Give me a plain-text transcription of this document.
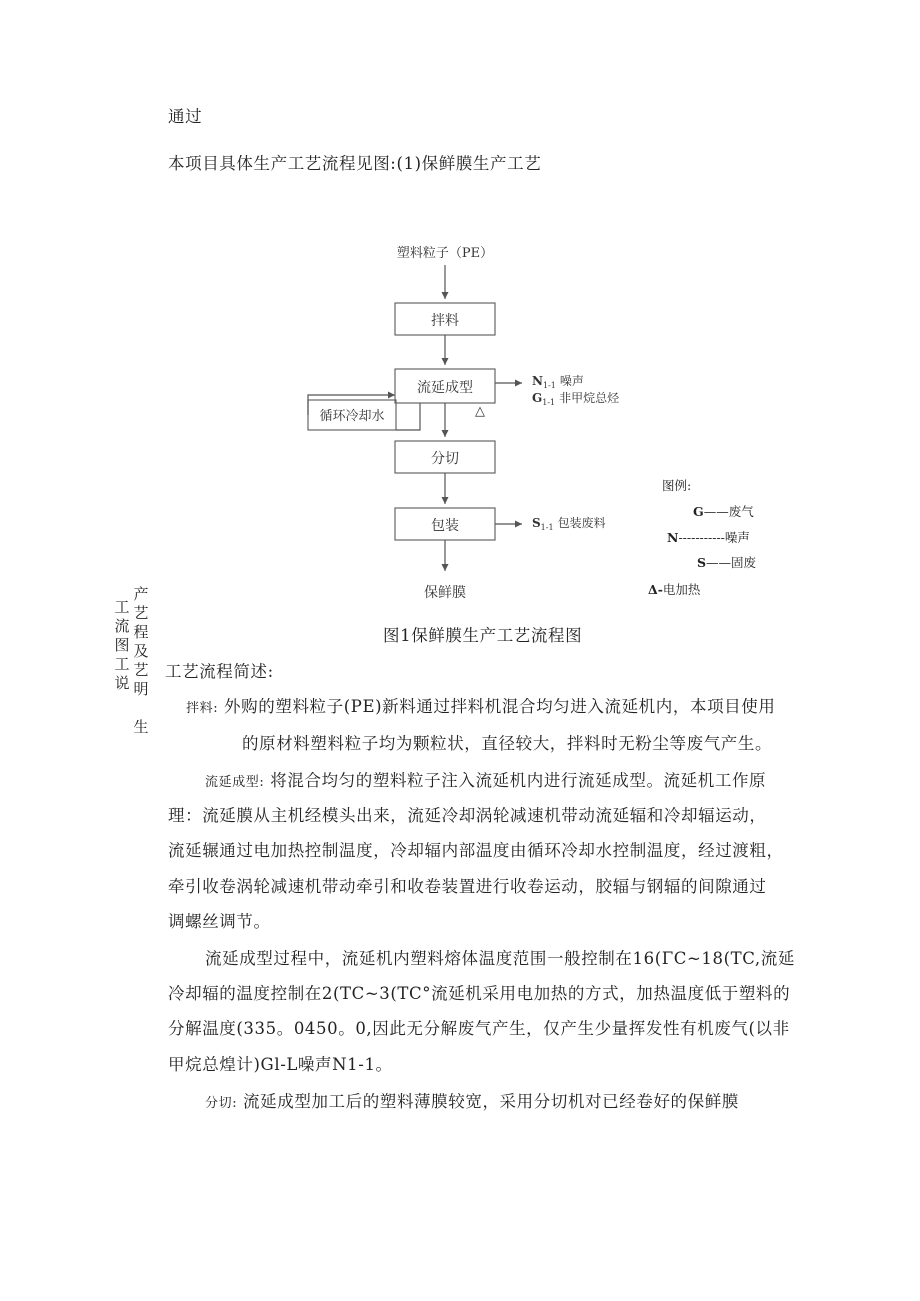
通过
本项目具体生产工艺流程见图:(1)保鲜膜生产工艺
塑料粒子（PE）
拌料
流延成型
△
$N_{1-1}$ 噪声
$G_{1-1}$ 非甲烷总烃
循环冷却水
分切
包装	$S_{1-1}$ 包装废料
保鲜膜
图例:
G——废气
N-----------噪声
S——固废
Δ-电加热
图1保鲜膜生产工艺流程图
工
流
图
工
说
产
艺
程
及
艺
明

生
工艺流程简述:
拌料: 外购的塑料粒子(PE)新料通过拌料机混合均匀进入流延机内，本项目使用
的原材料塑料粒子均为颗粒状，直径较大，拌料时无粉尘等废气产生。
流延成型: 将混合均匀的塑料粒子注入流延机内进行流延成型。流延机工作原
理：流延膜从主机经模头出来，流延冷却涡轮减速机带动流延辐和冷却辐运动，
流延辗通过电加热控制温度，冷却辐内部温度由循环冷却水控制温度，经过渡粗，
牵引收卷涡轮减速机带动牵引和收卷装置进行收卷运动，胶辐与钢辐的间隙通过
调螺丝调节。
流延成型过程中，流延机内塑料熔体温度范围一般控制在16(ΓC~18(TC,流延
冷却辐的温度控制在2(TC~3(TC°流延机采用电加热的方式，加热温度低于塑料的
分解温度(335。0450。0,因此无分解废气产生，仅产生少量挥发性有机废气(以非
甲烷总煌计)Gl-L噪声N1-1。
分切: 流延成型加工后的塑料薄膜较宽，采用分切机对已经卷好的保鲜膜
